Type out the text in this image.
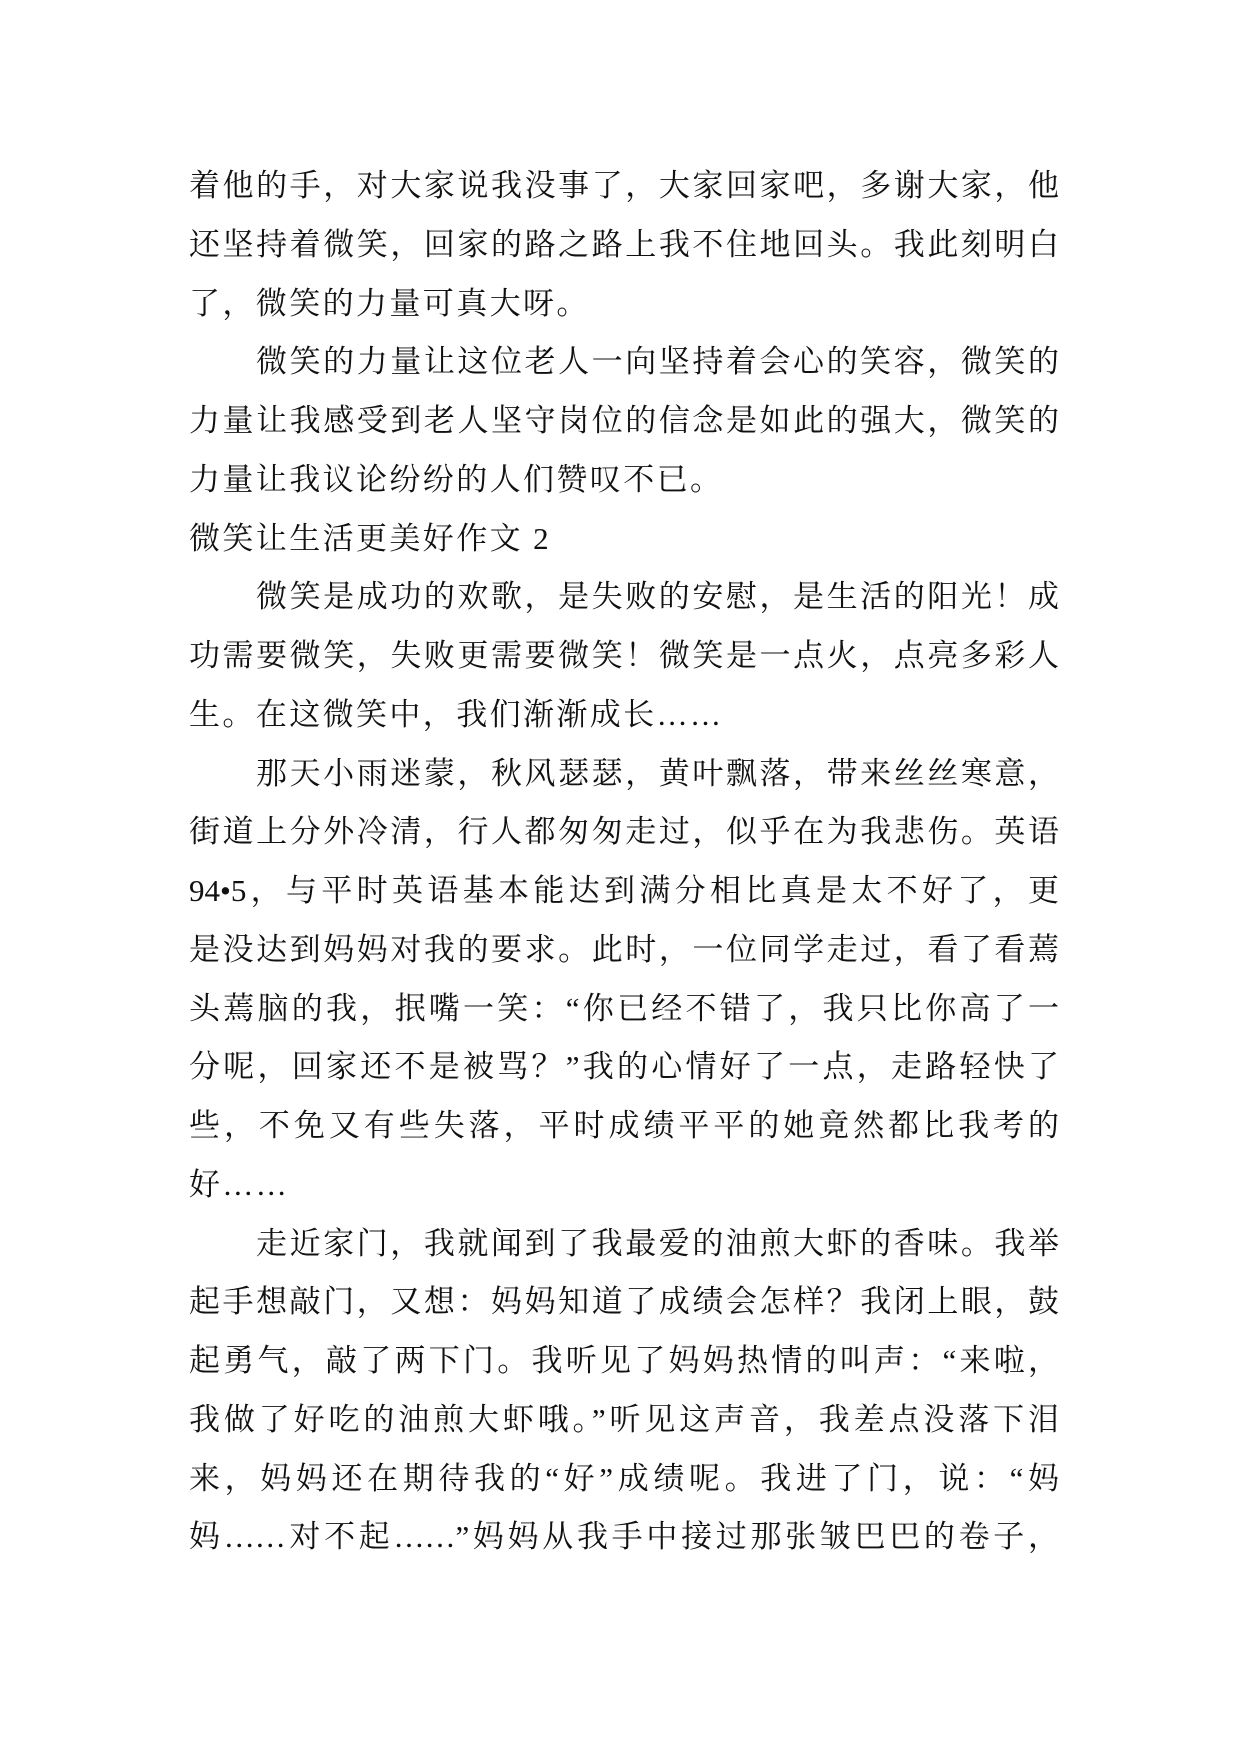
着他的手，对大家说我没事了，大家回家吧，多谢大家，他
还坚持着微笑，回家的路之路上我不住地回头。我此刻明白
了，微笑的力量可真大呀。
微笑的力量让这位老人一向坚持着会心的笑容，微笑的
力量让我感受到老人坚守岗位的信念是如此的强大，微笑的
力量让我议论纷纷的人们赞叹不已。
微笑让生活更美好作文 2
微笑是成功的欢歌，是失败的安慰，是生活的阳光！成
功需要微笑，失败更需要微笑！微笑是一点火，点亮多彩人
生。在这微笑中，我们渐渐成长……
那天小雨迷蒙，秋风瑟瑟，黄叶飘落，带来丝丝寒意，
街道上分外冷清，行人都匆匆走过，似乎在为我悲伤。英语
94•5，与平时英语基本能达到满分相比真是太不好了，更
是没达到妈妈对我的要求。此时，一位同学走过，看了看蔫
头蔫脑的我，抿嘴一笑：“你已经不错了，我只比你高了一
分呢，回家还不是被骂？”我的心情好了一点，走路轻快了
些，不免又有些失落，平时成绩平平的她竟然都比我考的
好……
走近家门，我就闻到了我最爱的油煎大虾的香味。我举
起手想敲门，又想：妈妈知道了成绩会怎样？我闭上眼，鼓
起勇气，敲了两下门。我听见了妈妈热情的叫声：“来啦，
我做了好吃的油煎大虾哦。”听见这声音，我差点没落下泪
来，妈妈还在期待我的“好”成绩呢。我进了门，说：“妈
妈……对不起……”妈妈从我手中接过那张皱巴巴的卷子，
